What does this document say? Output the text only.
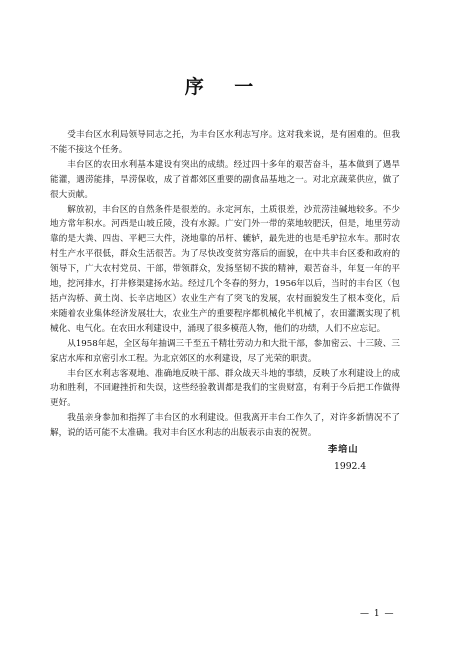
序 一

受丰台区水利局领导同志之托，为丰台区水利志写序。这对我来说，是有困难的。但我不能不接这个任务。

丰台区的农田水利基本建设有突出的成绩。经过四十多年的艰苦奋斗，基本做到了遇旱能灌，遇涝能排，旱涝保收，成了首都郊区重要的副食品基地之一。对北京蔬菜供应，做了很大贡献。

解放初，丰台区的自然条件是很差的。永定河东，土质很差，沙荒涝洼碱地较多。不少地方常年积水。河西是山坡丘陵，没有水源。广安门外一带的菜地较肥沃，但是，地里劳动靠的是大粪、四齿、平耙三大件，浇地靠的吊杆、辘轳，最先进的也是毛驴拉水车。那时农村生产水平很低，群众生活很苦。为了尽快改变贫穷落后的面貌，在中共丰台区委和政府的领导下，广大农村党员、干部，带领群众，发扬坚韧不拔的精神，艰苦奋斗，年复一年的平地，挖河排水，打井修渠建扬水站。经过几个冬春的努力，1956年以后，当时的丰台区（包括卢沟桥、黄土岗、长辛店地区）农业生产有了突飞的发展，农村面貌发生了根本变化，后来随着农业集体经济发展壮大，农业生产的重要程序都机械化半机械了，农田灌溉实现了机械化、电气化。在农田水利建设中，涌现了很多模范人物，他们的功绩，人们不应忘记。

从1958年起，全区每年抽调三千至五千精壮劳动力和大批干部，参加密云、十三陵、三家店水库和京密引水工程。为北京郊区的水利建设，尽了光荣的职责。

丰台区水利志客观地、准确地反映干部、群众战天斗地的事绩，反映了水利建设上的成功和胜利，不回避挫折和失误，这些经验教训都是我们的宝贵财富，有利于今后把工作做得更好。

我虽亲身参加和指挥了丰台区的水利建设。但我离开丰台工作久了，对许多新情况不了解，说的话可能不太准确。我对丰台区水利志的出版表示由衷的祝贺。

李培山
1992.4
— 1 —
